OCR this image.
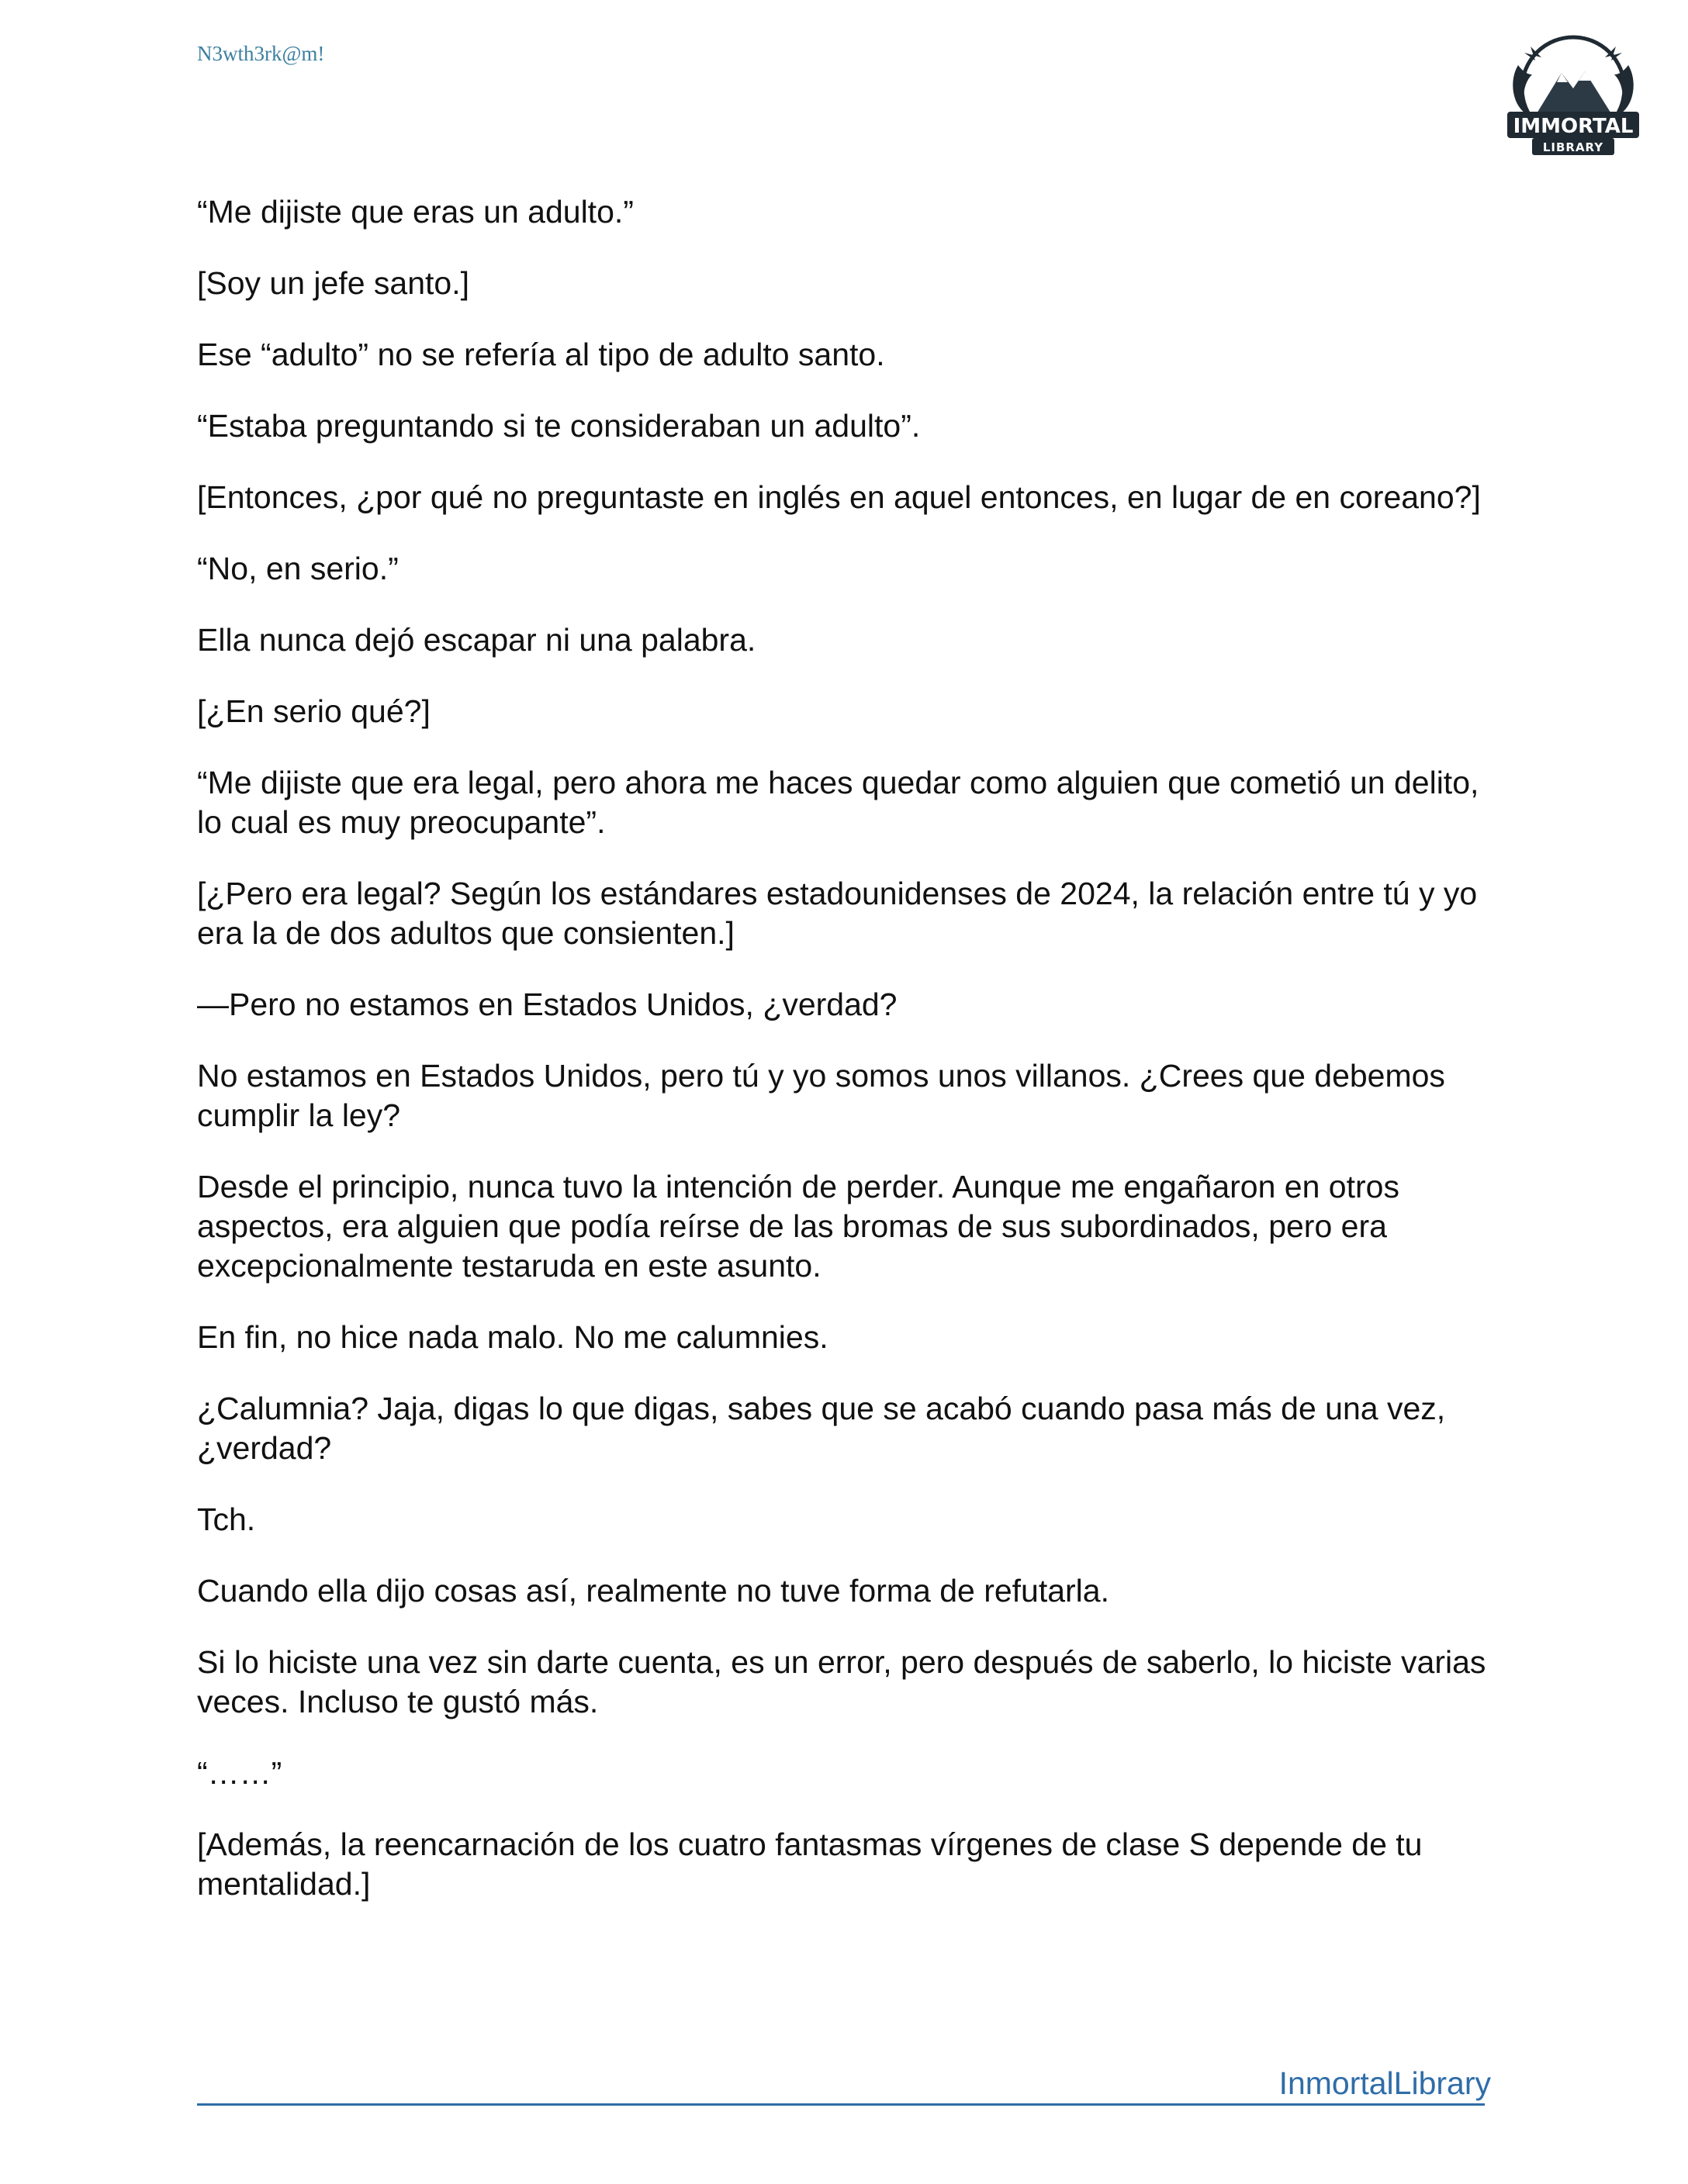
N3wth3rk@m!
IMMORTAL
LIBRARY

“Me dijiste que eras un adulto.”

[Soy un jefe santo.]

Ese “adulto” no se refería al tipo de adulto santo.

“Estaba preguntando si te consideraban un adulto”.

[Entonces, ¿por qué no preguntaste en inglés en aquel entonces, en lugar de en coreano?]

“No, en serio.”

Ella nunca dejó escapar ni una palabra.

[¿En serio qué?]

“Me dijiste que era legal, pero ahora me haces quedar como alguien que cometió un delito, lo cual es muy preocupante”.

[¿Pero era legal? Según los estándares estadounidenses de 2024, la relación entre tú y yo era la de dos adultos que consienten.]

—Pero no estamos en Estados Unidos, ¿verdad?

No estamos en Estados Unidos, pero tú y yo somos unos villanos. ¿Crees que debemos cumplir la ley?

Desde el principio, nunca tuvo la intención de perder. Aunque me engañaron en otros aspectos, era alguien que podía reírse de las bromas de sus subordinados, pero era excepcionalmente testaruda en este asunto.

En fin, no hice nada malo. No me calumnies.

¿Calumnia? Jaja, digas lo que digas, sabes que se acabó cuando pasa más de una vez, ¿verdad?

Tch.

Cuando ella dijo cosas así, realmente no tuve forma de refutarla.

Si lo hiciste una vez sin darte cuenta, es un error, pero después de saberlo, lo hiciste varias veces. Incluso te gustó más.

“……”

[Además, la reencarnación de los cuatro fantasmas vírgenes de clase S depende de tu mentalidad.]

InmortalLibrary
